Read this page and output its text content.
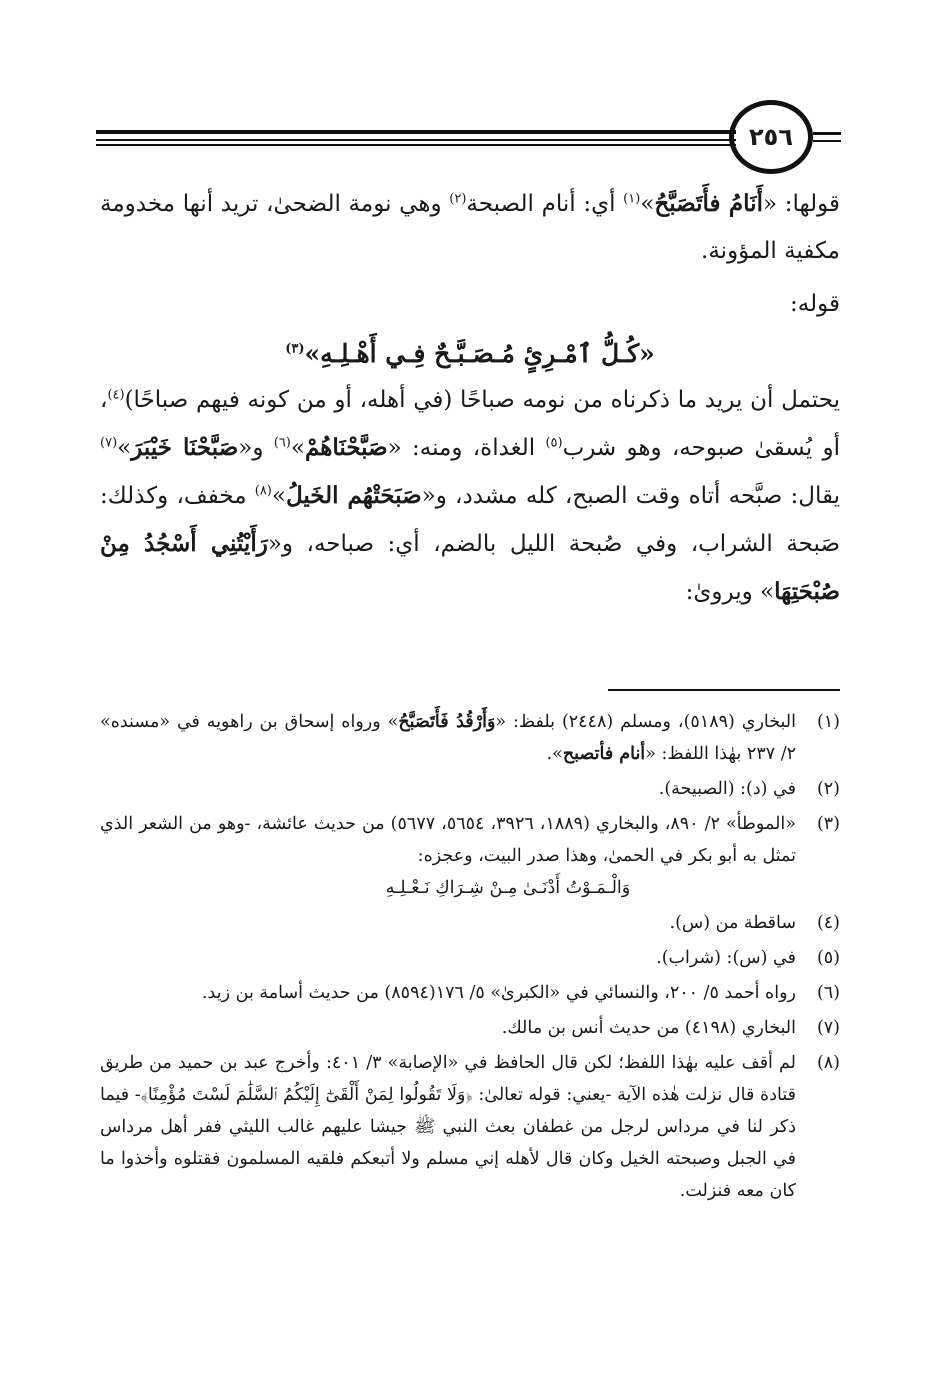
٢٥٦

قولها: «أَنَامُ فأَتَصَبَّحُ»$^{(١)}$ أي: أنام الصبحة$^{(٢)}$ وهي نومة الضحىٰ، تريد أنها مخدومة مكفية المؤونة.

قوله:

«كُـلُّ ٱمْـرِئٍ مُـصَـبَّـحٌ فِـي أَهْـلِـهِ»$^{(٣)}$

يحتمل أن يريد ما ذكرناه من نومه صباحًا (في أهله، أو من كونه فيهم صباحًا)$^{(٤)}$، أو يُسقىٰ صبوحه، وهو شرب$^{(٥)}$ الغداة، ومنه: «صَبَّحْنَاهُمْ»$^{(٦)}$ و«صَبَّحْنَا خَيْبَرَ»$^{(٧)}$ يقال: صبَّحه أتاه وقت الصبح، كله مشدد، و«صَبَحَتْهُم الخَيلُ»$^{(٨)}$ مخفف، وكذلك: صَبحة الشراب، وفي صُبحة الليل بالضم، أي: صباحه، و«رَأَيْتُنِي أَسْجُدُ مِنْ صُبْحَتِهَا» ويروىٰ:

(١)
البخاري (٥١٨٩)، ومسلم (٢٤٤٨) بلفظ: «وَأَرْقُدُ فَأَتَصَبَّحُ» ورواه إسحاق بن راهويه في «مسنده» ٢/ ٢٣٧ بهٰذا اللفظ: «أنام فأتصبح».
(٢)
في (د): (الصبيحة).
(٣)
«الموطأ» ٢/ ٨٩٠، والبخاري (١٨٨٩، ٣٩٢٦، ٥٦٥٤، ٥٦٧٧) من حديث عائشة، -وهو من الشعر الذي تمثل به أبو بكر في الحمىٰ، وهذا صدر البيت، وعجزه:
وَالْـمَـوْتُ أَدْنَـىٰ مِـنْ شِـرَاكِ نَـعْـلِـهِ
(٤)
ساقطة من (س).
(٥)
في (س): (شراب).
(٦)
رواه أحمد ٥/ ٢٠٠، والنسائي في «الكبرىٰ» ٥/ ١٧٦(٨٥٩٤) من حديث أسامة بن زيد.
(٧)
البخاري (٤١٩٨) من حديث أنس بن مالك.
(٨)
لم أقف عليه بهٰذا اللفظ؛ لكن قال الحافظ في «الإصابة» ٣/ ٤٠١: وأخرج عبد بن حميد من طريق قتادة قال نزلت هٰذه الآية -يعني: قوله تعالىٰ: ﴿وَلَا تَقُولُوا لِمَنْ أَلْقَىٰٓ إِلَيْكُمُ ٱلسَّلَٰمَ لَسْتَ مُؤْمِنًا﴾- فيما ذكر لنا في مرداس لرجل من غطفان بعث النبي ﷺ جيشا عليهم غالب الليثي ففر أهل مرداس في الجبل وصبحته الخيل وكان قال لأهله إني مسلم ولا أتبعكم فلقيه المسلمون فقتلوه وأخذوا ما كان معه فنزلت.
